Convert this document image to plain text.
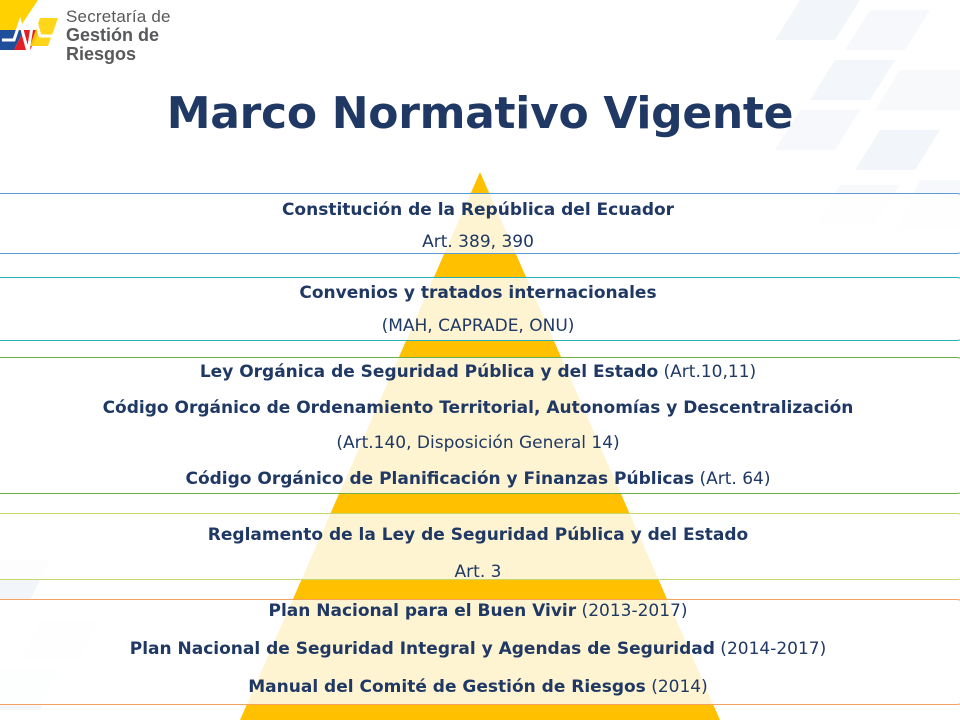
Secretaría de
Gestión de Riesgos
Marco Normativo Vigente
Constitución de la República del Ecuador
Art. 389, 390
Convenios y tratados internacionales
(MAH, CAPRADE, ONU)
Ley Orgánica de Seguridad Pública y del Estado (Art.10,11)
Código Orgánico de Ordenamiento Territorial, Autonomías y Descentralización
(Art.140, Disposición General 14)
Código Orgánico de Planificación y Finanzas Públicas (Art. 64)
Reglamento de la Ley de Seguridad Pública y del Estado
Art. 3
Plan Nacional para el Buen Vivir (2013-2017)
Plan Nacional de Seguridad Integral y Agendas de Seguridad (2014-2017)
Manual del Comité de Gestión de Riesgos (2014)
